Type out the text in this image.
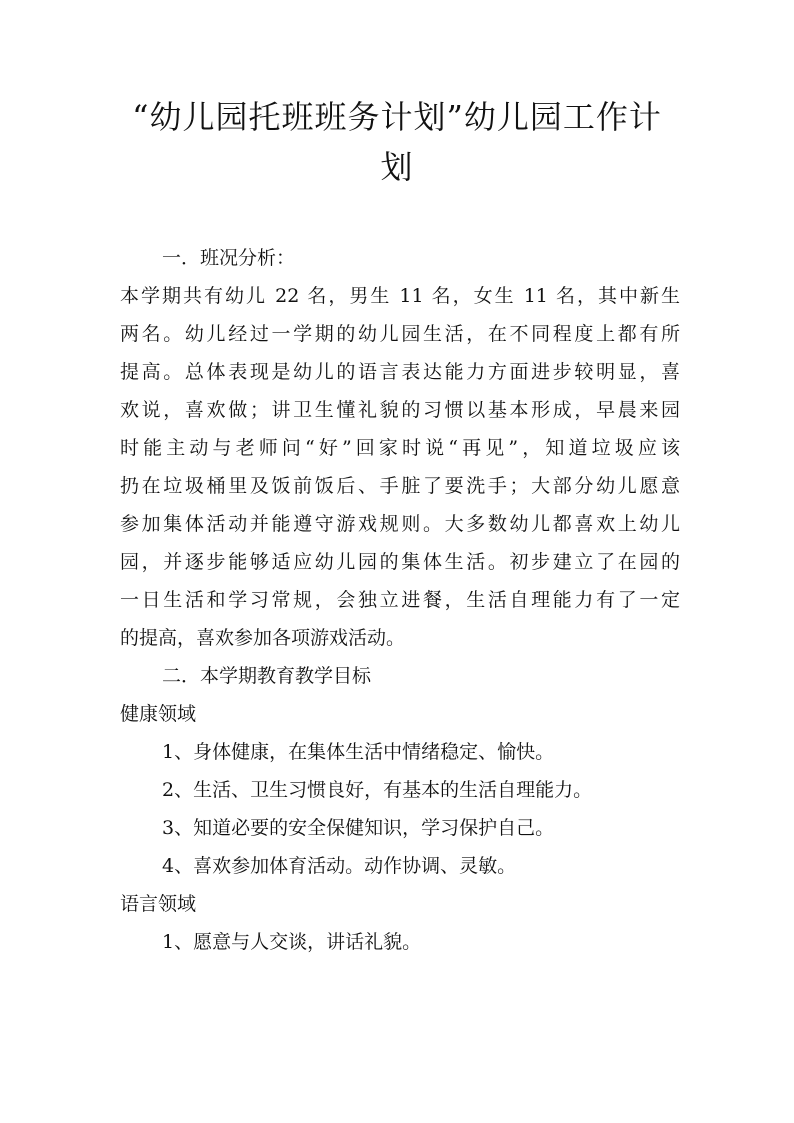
“幼儿园托班班务计划”幼儿园工作计
划
一．班况分析：
本学期共有幼儿 22 名，男生 11 名，女生 11 名，其中新生
两名。幼儿经过一学期的幼儿园生活，在不同程度上都有所
提高。总体表现是幼儿的语言表达能力方面进步较明显，喜
欢说，喜欢做；讲卫生懂礼貌的习惯以基本形成，早晨来园
时能主动与老师问“好”回家时说“再见”，知道垃圾应该
扔在垃圾桶里及饭前饭后、手脏了要洗手；大部分幼儿愿意
参加集体活动并能遵守游戏规则。大多数幼儿都喜欢上幼儿
园，并逐步能够适应幼儿园的集体生活。初步建立了在园的
一日生活和学习常规，会独立进餐，生活自理能力有了一定
的提高，喜欢参加各项游戏活动。
二．本学期教育教学目标
健康领域
1、身体健康，在集体生活中情绪稳定、愉快。
2、生活、卫生习惯良好，有基本的生活自理能力。
3、知道必要的安全保健知识，学习保护自己。
4、喜欢参加体育活动。动作协调、灵敏。
语言领域
1、愿意与人交谈，讲话礼貌。
